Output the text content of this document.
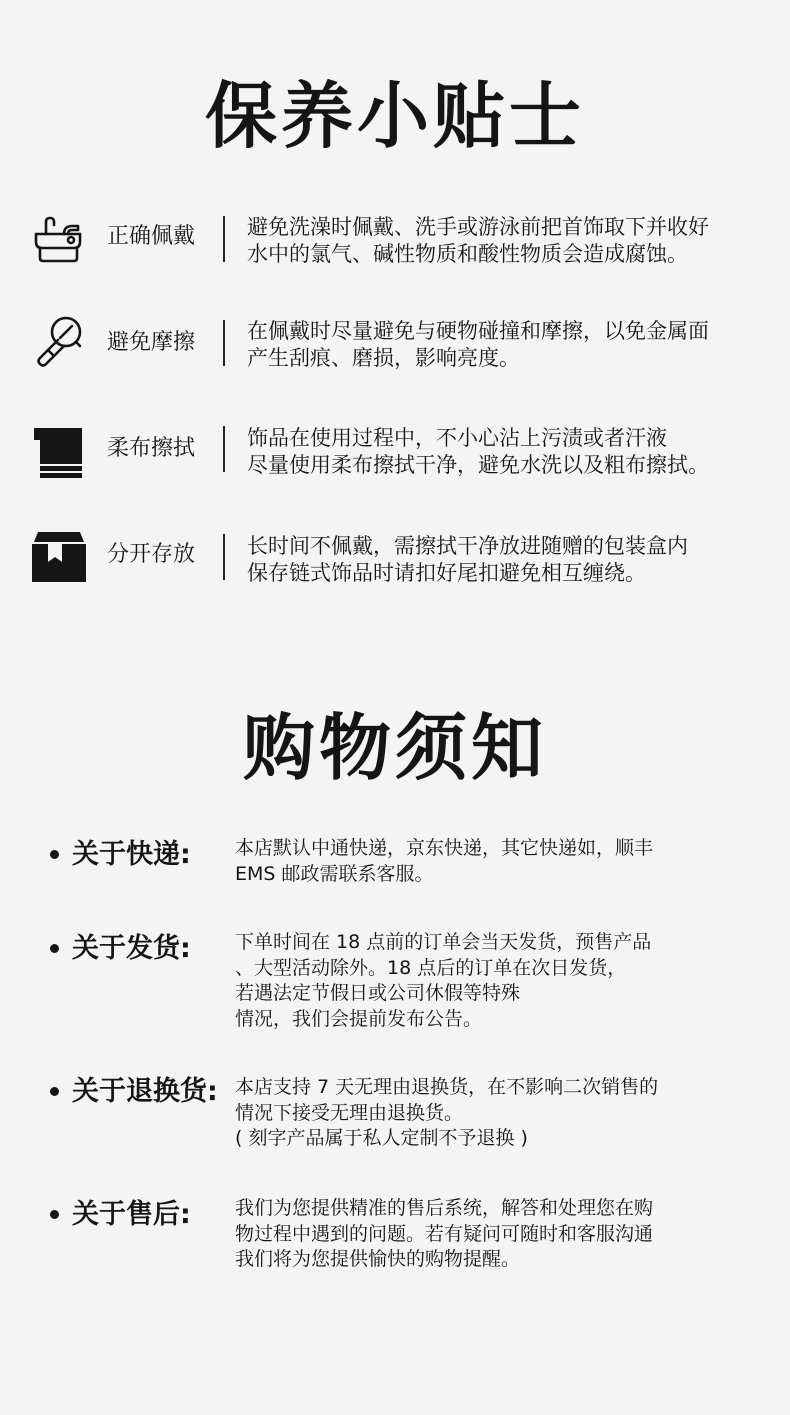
保养小贴士
正确佩戴	避免洗澡时佩戴、洗手或游泳前把首饰取下并收好
水中的氯气、碱性物质和酸性物质会造成腐蚀。
避免摩擦	在佩戴时尽量避免与硬物碰撞和摩擦，以免金属面
产生刮痕、磨损，影响亮度。
柔布擦拭	饰品在使用过程中，不小心沾上污渍或者汗液
尽量使用柔布擦拭干净，避免水洗以及粗布擦拭。
分开存放	长时间不佩戴，需擦拭干净放进随赠的包装盒内
保存链式饰品时请扣好尾扣避免相互缠绕。
购物须知
关于快递: 本店默认中通快递，京东快递，其它快递如，顺丰
EMS 邮政需联系客服。
关于发货: 下单时间在 18 点前的订单会当天发货，预售产品
、大型活动除外。18 点后的订单在次日发货，
若遇法定节假日或公司休假等特殊
情况，我们会提前发布公告。
关于退换货: 本店支持 7 天无理由退换货，在不影响二次销售的
情况下接受无理由退换货。
( 刻字产品属于私人定制不予退换 )
关于售后: 我们为您提供精准的售后系统，解答和处理您在购
物过程中遇到的问题。若有疑问可随时和客服沟通
我们将为您提供愉快的购物提醒。
